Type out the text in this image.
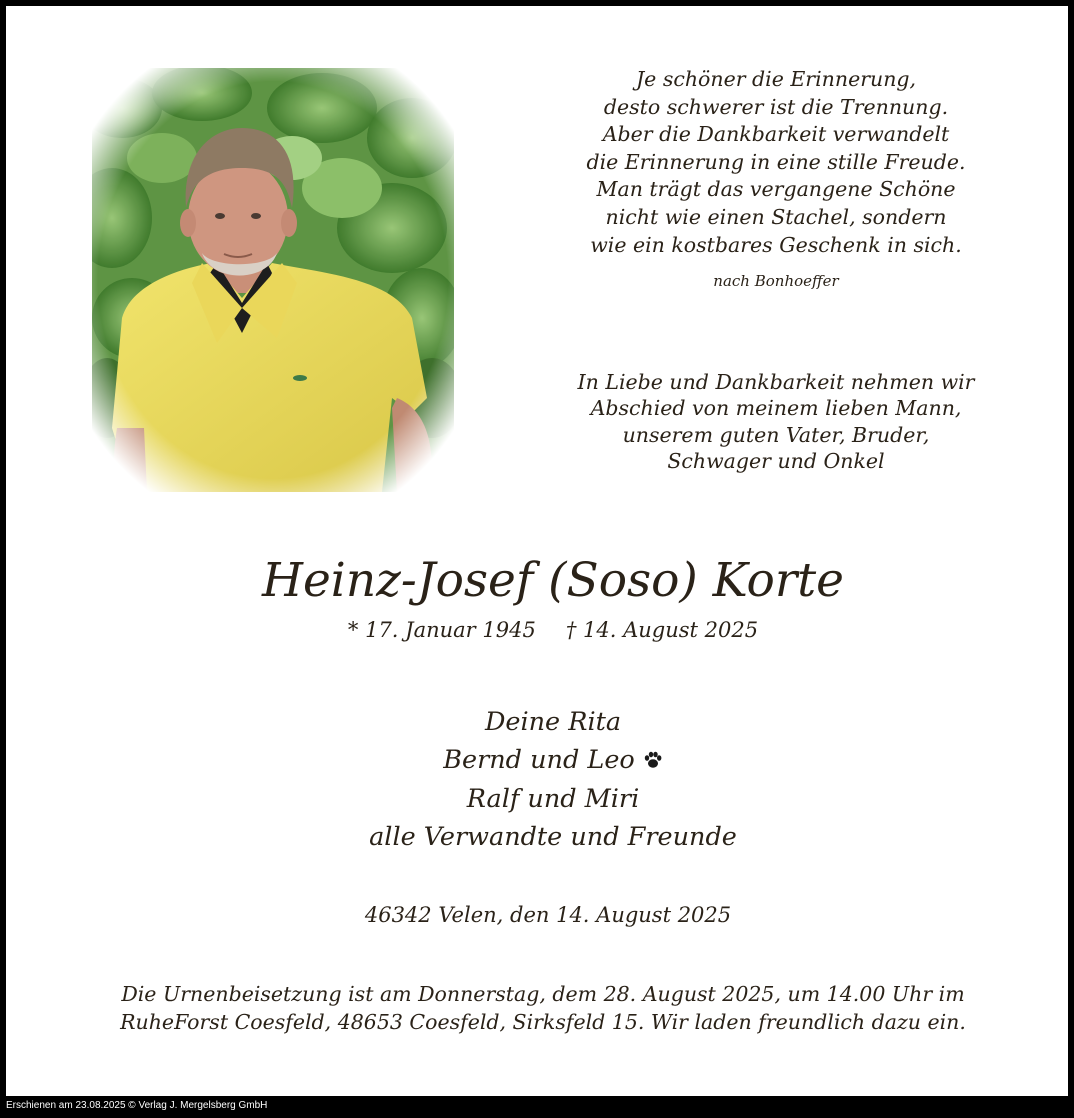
Je schöner die Erinnerung,
desto schwerer ist die Trennung.
Aber die Dankbarkeit verwandelt
die Erinnerung in eine stille Freude.
Man trägt das vergangene Schöne
nicht wie einen Stachel, sondern
wie ein kostbares Geschenk in sich.
nach Bonhoeffer
In Liebe und Dankbarkeit nehmen wir
Abschied von meinem lieben Mann,
unserem guten Vater, Bruder,
Schwager und Onkel
Heinz-Josef (Soso) Korte
* 17. Januar 1945 † 14. August 2025
Deine Rita
Bernd und Leo
Ralf und Miri
alle Verwandte und Freunde
46342 Velen, den 14. August 2025
Die Urnenbeisetzung ist am Donnerstag, dem 28. August 2025, um 14.00 Uhr im
RuheForst Coesfeld, 48653 Coesfeld, Sirksfeld 15. Wir laden freundlich dazu ein.
Erschienen am 23.08.2025 © Verlag J. Mergelsberg GmbH
